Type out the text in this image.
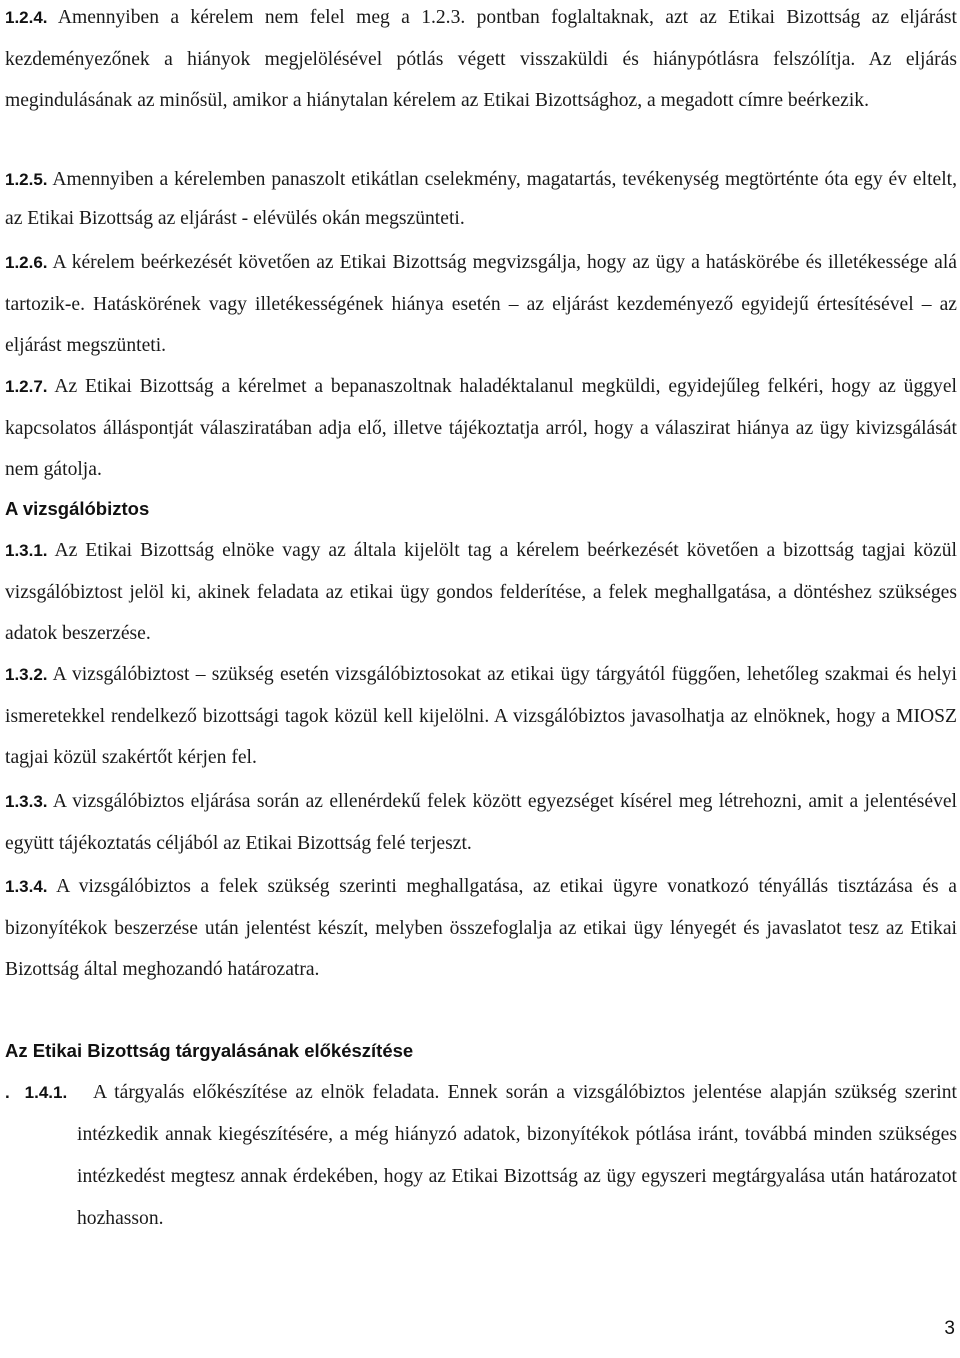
1.2.4. Amennyiben a kérelem nem felel meg a 1.2.3. pontban foglaltaknak, azt az Etikai Bizottság az eljárást kezdeményezőnek a hiányok megjelölésével pótlás végett visszaküldi és hiánypótlásra felszólítja. Az eljárás megindulásának az minősül, amikor a hiánytalan kérelem az Etikai Bizottsághoz, a megadott címre beérkezik.

1.2.5. Amennyiben a kérelemben panaszolt etikátlan cselekmény, magatartás, tevékenység megtörténte óta egy év eltelt, az Etikai Bizottság az eljárást - elévülés okán megszünteti.

1.2.6. A kérelem beérkezését követően az Etikai Bizottság megvizsgálja, hogy az ügy a hatáskörébe és illetékessége alá tartozik-e. Hatáskörének vagy illetékességének hiánya esetén – az eljárást kezdeményező egyidejű értesítésével – az eljárást megszünteti.

1.2.7. Az Etikai Bizottság a kérelmet a bepanaszoltnak haladéktalanul megküldi, egyidejűleg felkéri, hogy az üggyel kapcsolatos álláspontját válasziratában adja elő, illetve tájékoztatja arról, hogy a válaszirat hiánya az ügy kivizsgálását nem gátolja.

A vizsgálóbiztos

1.3.1. Az Etikai Bizottság elnöke vagy az általa kijelölt tag a kérelem beérkezését követően a bizottság tagjai közül vizsgálóbiztost jelöl ki, akinek feladata az etikai ügy gondos felderítése, a felek meghallgatása, a döntéshez szükséges adatok beszerzése.

1.3.2. A vizsgálóbiztost – szükség esetén vizsgálóbiztosokat az etikai ügy tárgyától függően, lehetőleg szakmai és helyi ismeretekkel rendelkező bizottsági tagok közül kell kijelölni. A vizsgálóbiztos javasolhatja az elnöknek, hogy a MIOSZ tagjai közül szakértőt kérjen fel.

1.3.3. A vizsgálóbiztos eljárása során az ellenérdekű felek között egyezséget kísérel meg létrehozni, amit a jelentésével együtt tájékoztatás céljából az Etikai Bizottság felé terjeszt.

1.3.4. A vizsgálóbiztos a felek szükség szerinti meghallgatása, az etikai ügyre vonatkozó tényállás tisztázása és a bizonyítékok beszerzése után jelentést készít, melyben összefoglalja az etikai ügy lényegét és javaslatot tesz az Etikai Bizottság által meghozandó határozatra.

Az Etikai Bizottság tárgyalásának előkészítése
. 1.4.1.	A tárgyalás előkészítése az elnök feladata. Ennek során a vizsgálóbiztos jelentése alapján szükség szerint intézkedik annak kiegészítésére, a még hiányzó adatok, bizonyítékok pótlása iránt, továbbá minden szükséges intézkedést megtesz annak érdekében, hogy az Etikai Bizottság az ügy egyszeri megtárgyalása után határozatot hozhasson.
3
